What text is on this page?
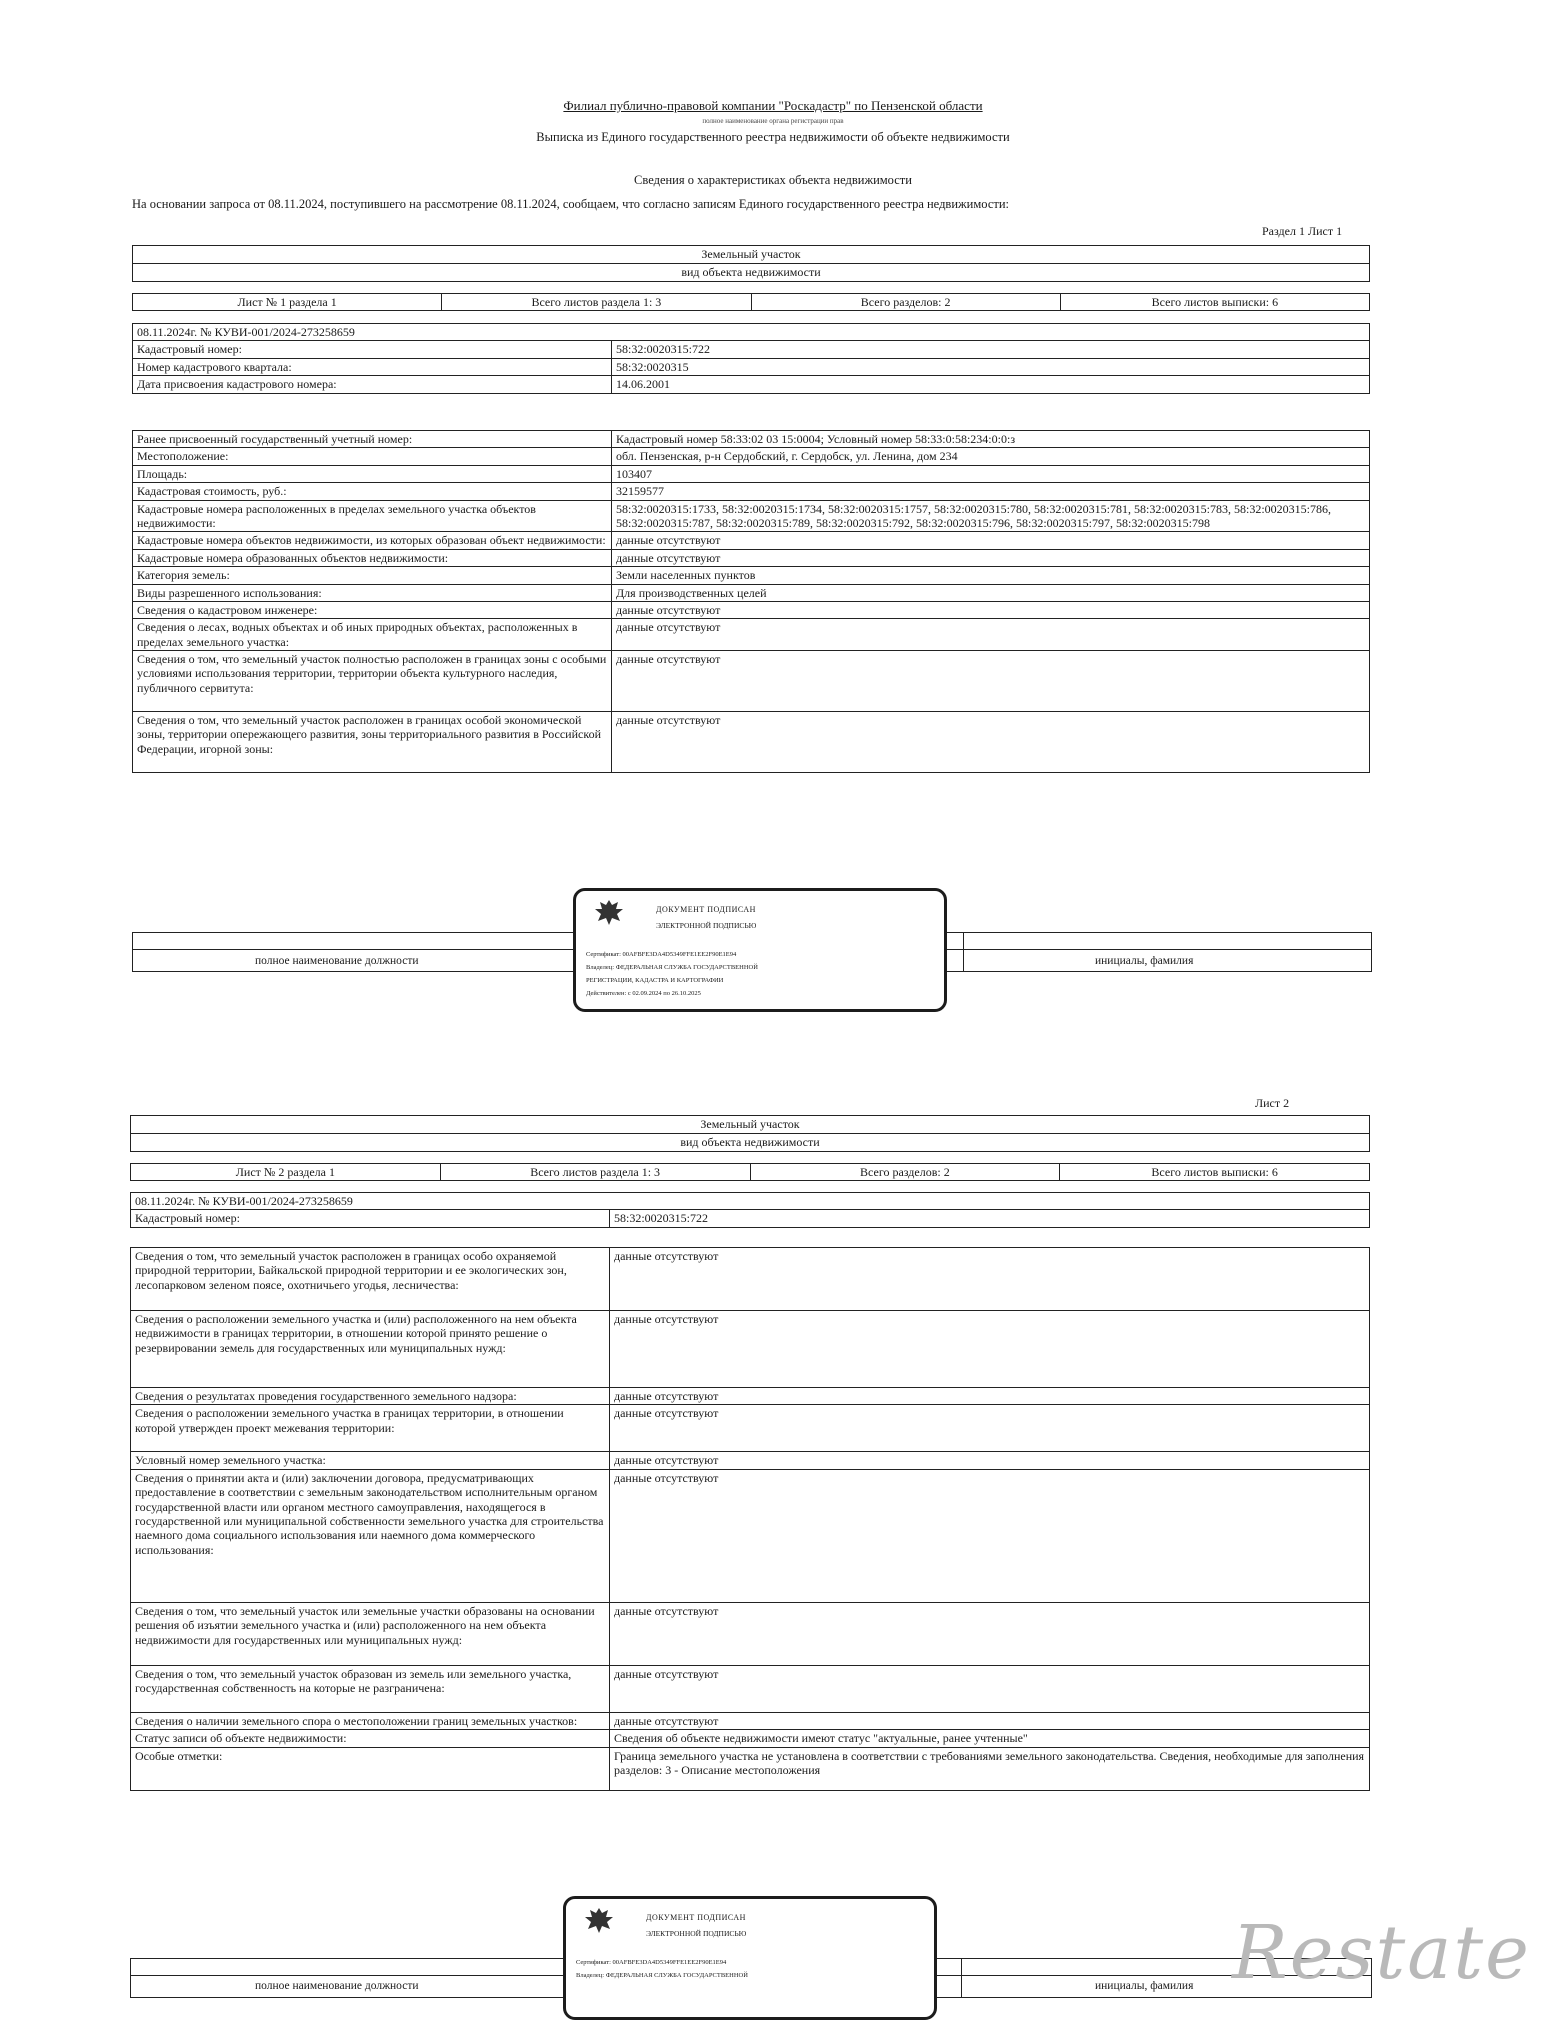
Филиал публично-правовой компании "Роскадастр" по Пензенской области
полное наименование органа регистрации прав
Выписка из Единого государственного реестра недвижимости об объекте недвижимости
Сведения о характеристиках объекта недвижимости
На основании запроса от 08.11.2024, поступившего на рассмотрение 08.11.2024, сообщаем, что согласно записям Единого государственного реестра недвижимости:
Раздел 1 Лист 1
Земельный участок
вид объекта недвижимости
Лист № 1 раздела 1	Всего листов раздела 1: 3	Всего разделов: 2	Всего листов выписки: 6
08.11.2024г. № КУВИ-001/2024-273258659	
Кадастровый номер:	58:32:0020315:722
Номер кадастрового квартала:	58:32:0020315
Дата присвоения кадастрового номера:	14.06.2001
Ранее присвоенный государственный учетный номер:	Кадастровый номер 58:33:02 03 15:0004; Условный номер 58:33:0:58:234:0:0:з
Местоположение:	обл. Пензенская, р-н Сердобский, г. Сердобск, ул. Ленина, дом 234
Площадь:	103407
Кадастровая стоимость, руб.:	32159577
Кадастровые номера расположенных в пределах земельного участка объектов недвижимости:	58:32:0020315:1733, 58:32:0020315:1734, 58:32:0020315:1757, 58:32:0020315:780, 58:32:0020315:781, 58:32:0020315:783, 58:32:0020315:786, 58:32:0020315:787, 58:32:0020315:789, 58:32:0020315:792, 58:32:0020315:796, 58:32:0020315:797, 58:32:0020315:798
Кадастровые номера объектов недвижимости, из которых образован объект недвижимости:	данные отсутствуют
Кадастровые номера образованных объектов недвижимости:	данные отсутствуют
Категория земель:	Земли населенных пунктов
Виды разрешенного использования:	Для производственных целей
Сведения о кадастровом инженере:	данные отсутствуют
Сведения о лесах, водных объектах и об иных природных объектах, расположенных в пределах земельного участка:	данные отсутствуют
Сведения о том, что земельный участок полностью расположен в границах зоны с особыми условиями использования территории, территории объекта культурного наследия, публичного сервитута:	данные отсутствуют
Сведения о том, что земельный участок расположен в границах особой экономической зоны, территории опережающего развития, зоны территориального развития в Российской Федерации, игорной зоны:	данные отсутствуют
полное наименование должности	инициалы, фамилия
ДОКУМЕНТ ПОДПИСАН
ЭЛЕКТРОННОЙ ПОДПИСЬЮ
Сертификат: 00AFBFE3DA4D5349FFE1EE2F90E1E94
Владелец: ФЕДЕРАЛЬНАЯ СЛУЖБА ГОСУДАРСТВЕННОЙ
РЕГИСТРАЦИИ, КАДАСТРА И КАРТОГРАФИИ
Действителен: с 02.09.2024 по 26.10.2025
Лист 2
Земельный участок
вид объекта недвижимости
Лист № 2 раздела 1	Всего листов раздела 1: 3	Всего разделов: 2	Всего листов выписки: 6
08.11.2024г. № КУВИ-001/2024-273258659
Кадастровый номер:	58:32:0020315:722
Сведения о том, что земельный участок расположен в границах особо охраняемой природной территории, Байкальской природной территории и ее экологических зон, лесопарковом зеленом поясе, охотничьего угодья, лесничества:	данные отсутствуют
Сведения о расположении земельного участка и (или) расположенного на нем объекта недвижимости в границах территории, в отношении которой принято решение о резервировании земель для государственных или муниципальных нужд:	данные отсутствуют
Сведения о результатах проведения государственного земельного надзора:	данные отсутствуют
Сведения о расположении земельного участка в границах территории, в отношении которой утвержден проект межевания территории:	данные отсутствуют
Условный номер земельного участка:	данные отсутствуют
Сведения о принятии акта и (или) заключении договора, предусматривающих предоставление в соответствии с земельным законодательством исполнительным органом государственной власти или органом местного самоуправления, находящегося в государственной или муниципальной собственности земельного участка для строительства наемного дома социального использования или наемного дома коммерческого использования:	данные отсутствуют
Сведения о том, что земельный участок или земельные участки образованы на основании решения об изъятии земельного участка и (или) расположенного на нем объекта недвижимости для государственных или муниципальных нужд:	данные отсутствуют
Сведения о том, что земельный участок образован из земель или земельного участка, государственная собственность на которые не разграничена:	данные отсутствуют
Сведения о наличии земельного спора о местоположении границ земельных участков:	данные отсутствуют
Статус записи об объекте недвижимости:	Сведения об объекте недвижимости имеют статус "актуальные, ранее учтенные"
Особые отметки:	Граница земельного участка не установлена в соответствии с требованиями земельного законодательства. Сведения, необходимые для заполнения разделов: 3 - Описание местоположения
полное наименование должности	инициалы, фамилия
ДОКУМЕНТ ПОДПИСАН
ЭЛЕКТРОННОЙ ПОДПИСЬЮ
Сертификат: 00AFBFE3DA4D5349FFE1EE2F90E1E94
Владелец: ФЕДЕРАЛЬНАЯ СЛУЖБА ГОСУДАРСТВЕННОЙ	Restate
